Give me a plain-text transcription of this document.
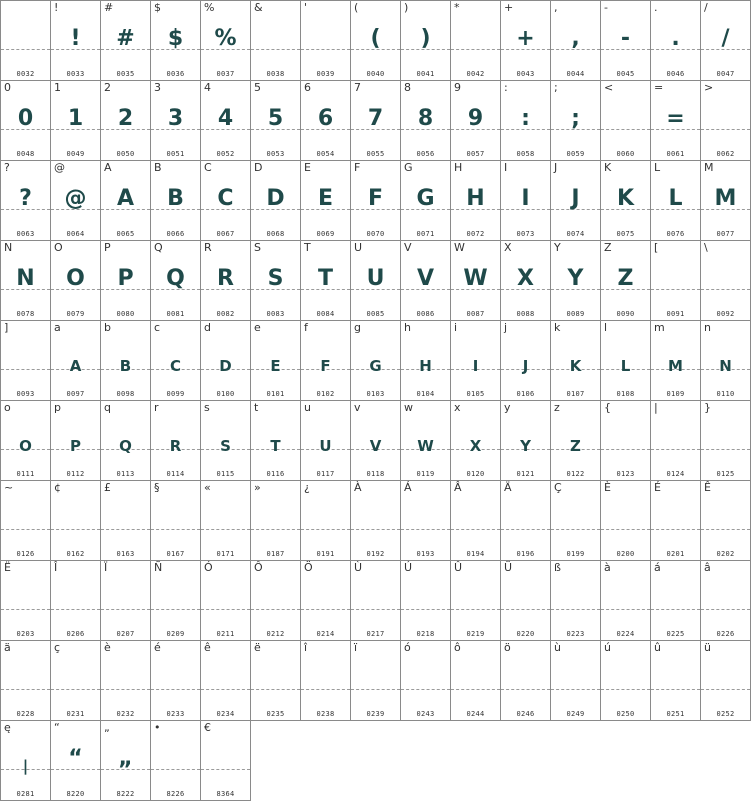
0032
!
!
0033
#
#
0035
$
$
0036
%
%
0037
&
0038
'
0039
(
(
0040
)
)
0041
*
0042
+
+
0043
,
,
0044
-
-
0045
.
.
0046
/
/
0047
0
0
0048
1
1
0049
2
2
0050
3
3
0051
4
4
0052
5
5
0053
6
6
0054
7
7
0055
8
8
0056
9
9
0057
:
:
0058
;
;
0059
<
0060
=
=
0061
>
0062
?
?
0063
@
@
0064
A
A
0065
B
B
0066
C
C
0067
D
D
0068
E
E
0069
F
F
0070
G
G
0071
H
H
0072
I
I
0073
J
J
0074
K
K
0075
L
L
0076
M
M
0077
N
N
0078
O
O
0079
P
P
0080
Q
Q
0081
R
R
0082
S
S
0083
T
T
0084
U
U
0085
V
V
0086
W
W
0087
X
X
0088
Y
Y
0089
Z
Z
0090
[
0091
\
0092
]
0093
a
A
0097
b
B
0098
c
C
0099
d
D
0100
e
E
0101
f
F
0102
g
G
0103
h
H
0104
i
I
0105
j
J
0106
k
K
0107
l
L
0108
m
M
0109
n
N
0110
o
O
0111
p
P
0112
q
Q
0113
r
R
0114
s
S
0115
t
T
0116
u
U
0117
v
V
0118
w
W
0119
x
X
0120
y
Y
0121
z
Z
0122
{
0123
|
0124
}
0125
~
0126
¢
0162
£
0163
§
0167
«
0171
»
0187
¿
0191
À
0192
Á
0193
Â
0194
Ä
0196
Ç
0199
È
0200
É
0201
Ê
0202
Ë
0203
Î
0206
Ï
0207
Ñ
0209
Ó
0211
Ô
0212
Ö
0214
Ù
0217
Ú
0218
Û
0219
Ü
0220
ß
0223
à
0224
á
0225
â
0226
ä
0228
ç
0231
è
0232
é
0233
ê
0234
ë
0235
î
0238
ï
0239
ó
0243
ô
0244
ö
0246
ù
0249
ú
0250
û
0251
ü
0252
ę
|
0281
“
“
8220
„
„
8222
•
8226
€
8364
